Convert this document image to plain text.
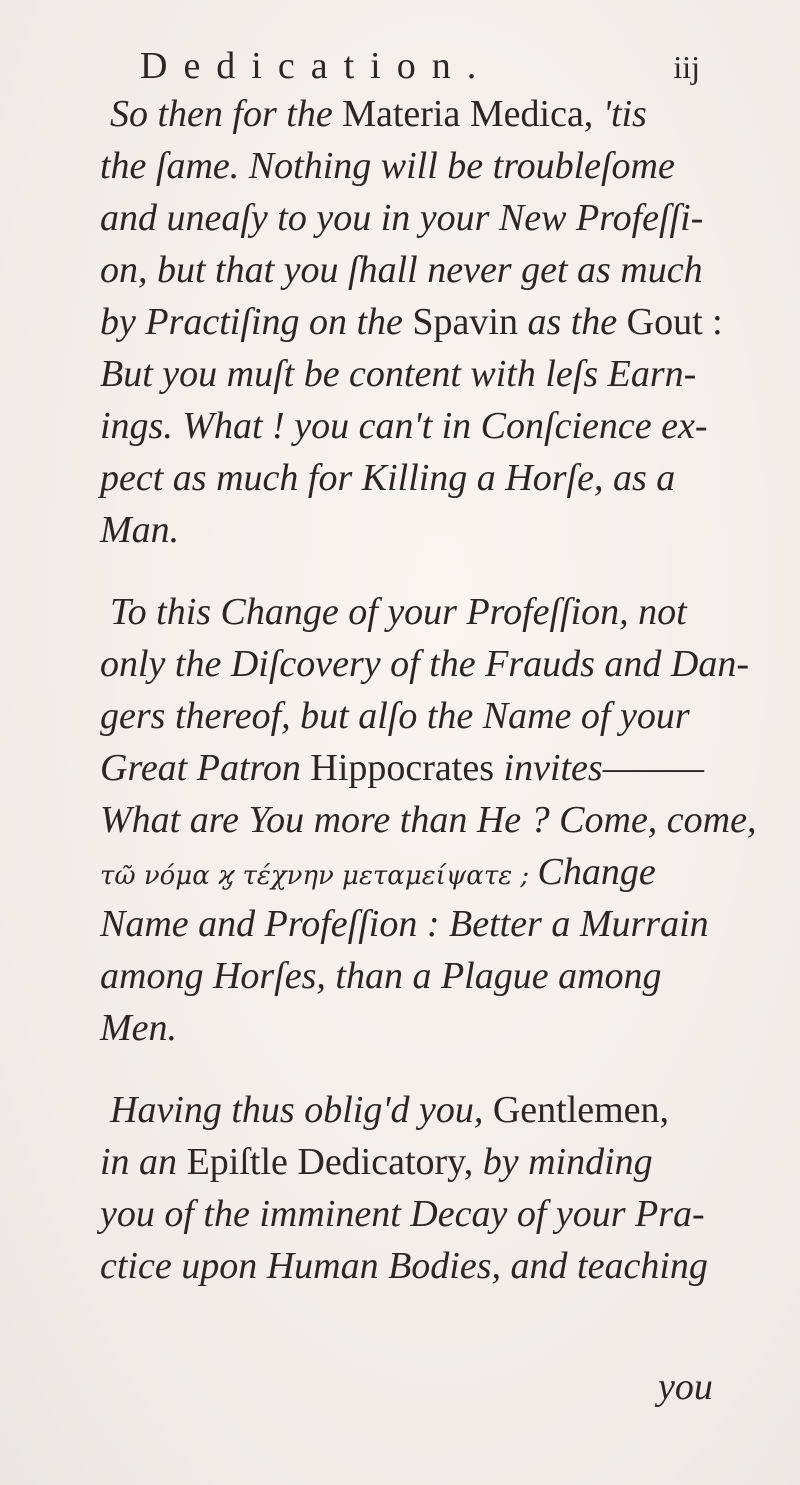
Dedication.	iij
So then for the Materia Medica, 'tis
the ſame. Nothing will be troubleſome
and uneaſy to you in your New Profeſſi-
on, but that you ſhall never get as much
by Practiſing on the Spavin as the Gout :
But you muſt be content with leſs Earn-
ings. What ! you can't in Conſcience ex-
pect as much for Killing a Horſe, as a
Man.
To this Change of your Profeſſion, not
only the Diſcovery of the Frauds and Dan-
gers thereof, but alſo the Name of your
Great Patron Hippocrates invites———
What are You more than He ? Come, come,
τῶ νόμα ϗ τέχνην μεταμείψατε ; Change
Name and Profeſſion : Better a Murrain
among Horſes, than a Plague among
Men.
Having thus oblig'd you, Gentlemen,
in an Epiſtle Dedicatory, by minding
you of the imminent Decay of your Pra-
ctice upon Human Bodies, and teaching
you
